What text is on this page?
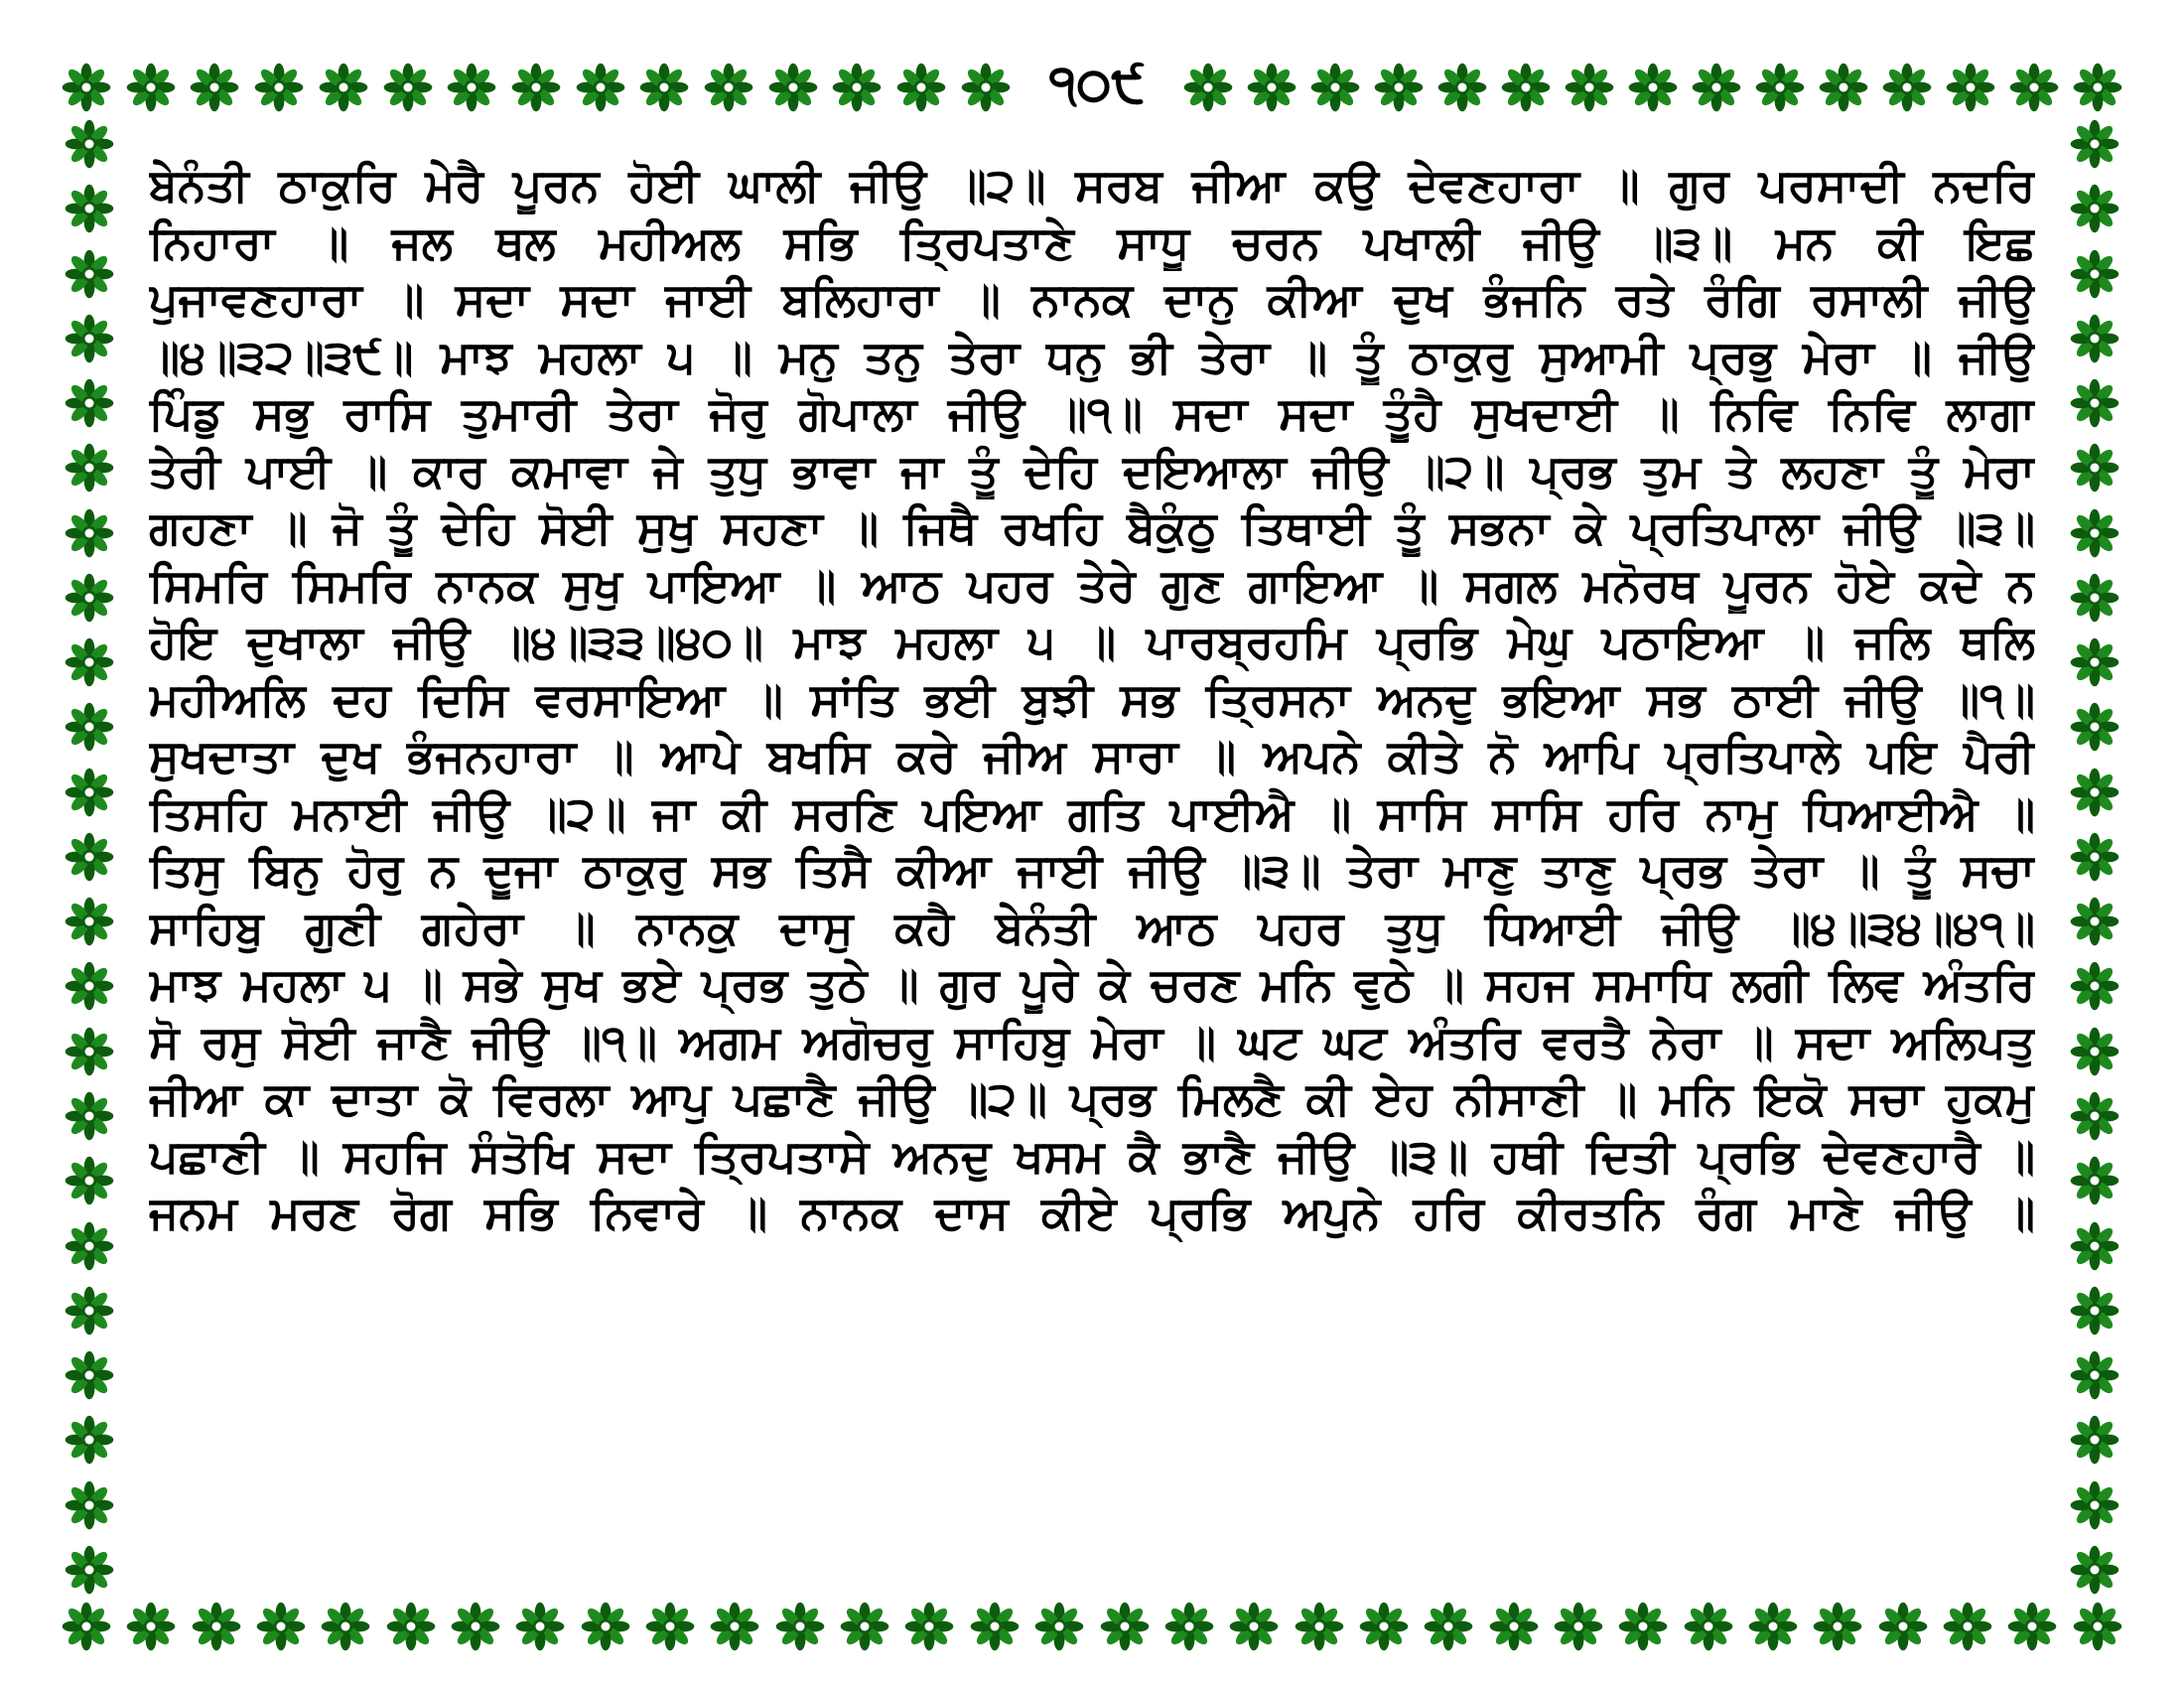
੧੦੯
ਬੇਨੰਤੀ ਠਾਕੁਰਿ ਮੇਰੈ ਪੂਰਨ ਹੋਈ ਘਾਲੀ ਜੀਉ ॥੨॥ ਸਰਬ ਜੀਆ ਕਉ ਦੇਵਣਹਾਰਾ ॥ ਗੁਰ ਪਰਸਾਦੀ ਨਦਰਿ
ਨਿਹਾਰਾ ॥ ਜਲ ਥਲ ਮਹੀਅਲ ਸਭਿ ਤ੍ਰਿਪਤਾਣੇ ਸਾਧੂ ਚਰਨ ਪਖਾਲੀ ਜੀਉ ॥੩॥ ਮਨ ਕੀ ਇਛ
ਪੁਜਾਵਣਹਾਰਾ ॥ ਸਦਾ ਸਦਾ ਜਾਈ ਬਲਿਹਾਰਾ ॥ ਨਾਨਕ ਦਾਨੁ ਕੀਆ ਦੁਖ ਭੰਜਨਿ ਰਤੇ ਰੰਗਿ ਰਸਾਲੀ ਜੀਉ
॥੪॥੩੨॥੩੯॥ ਮਾਝ ਮਹਲਾ ੫ ॥ ਮਨੁ ਤਨੁ ਤੇਰਾ ਧਨੁ ਭੀ ਤੇਰਾ ॥ ਤੂੰ ਠਾਕੁਰੁ ਸੁਆਮੀ ਪ੍ਰਭੁ ਮੇਰਾ ॥ ਜੀਉ
ਪਿੰਡੁ ਸਭੁ ਰਾਸਿ ਤੁਮਾਰੀ ਤੇਰਾ ਜੋਰੁ ਗੋਪਾਲਾ ਜੀਉ ॥੧॥ ਸਦਾ ਸਦਾ ਤੂੰਹੈ ਸੁਖਦਾਈ ॥ ਨਿਵਿ ਨਿਵਿ ਲਾਗਾ
ਤੇਰੀ ਪਾਈ ॥ ਕਾਰ ਕਮਾਵਾ ਜੇ ਤੁਧੁ ਭਾਵਾ ਜਾ ਤੂੰ ਦੇਹਿ ਦਇਆਲਾ ਜੀਉ ॥੨॥ ਪ੍ਰਭ ਤੁਮ ਤੇ ਲਹਣਾ ਤੂੰ ਮੇਰਾ
ਗਹਣਾ ॥ ਜੋ ਤੂੰ ਦੇਹਿ ਸੋਈ ਸੁਖੁ ਸਹਣਾ ॥ ਜਿਥੈ ਰਖਹਿ ਬੈਕੁੰਠੁ ਤਿਥਾਈ ਤੂੰ ਸਭਨਾ ਕੇ ਪ੍ਰਤਿਪਾਲਾ ਜੀਉ ॥੩॥
ਸਿਮਰਿ ਸਿਮਰਿ ਨਾਨਕ ਸੁਖੁ ਪਾਇਆ ॥ ਆਠ ਪਹਰ ਤੇਰੇ ਗੁਣ ਗਾਇਆ ॥ ਸਗਲ ਮਨੋਰਥ ਪੂਰਨ ਹੋਏ ਕਦੇ ਨ
ਹੋਇ ਦੁਖਾਲਾ ਜੀਉ ॥੪॥੩੩॥੪੦॥ ਮਾਝ ਮਹਲਾ ੫ ॥ ਪਾਰਬ੍ਰਹਮਿ ਪ੍ਰਭਿ ਮੇਘੁ ਪਠਾਇਆ ॥ ਜਲਿ ਥਲਿ
ਮਹੀਅਲਿ ਦਹ ਦਿਸਿ ਵਰਸਾਇਆ ॥ ਸਾਂਤਿ ਭਈ ਬੁਝੀ ਸਭ ਤ੍ਰਿਸਨਾ ਅਨਦੁ ਭਇਆ ਸਭ ਠਾਈ ਜੀਉ ॥੧॥
ਸੁਖਦਾਤਾ ਦੁਖ ਭੰਜਨਹਾਰਾ ॥ ਆਪੇ ਬਖਸਿ ਕਰੇ ਜੀਅ ਸਾਰਾ ॥ ਅਪਨੇ ਕੀਤੇ ਨੋ ਆਪਿ ਪ੍ਰਤਿਪਾਲੇ ਪਇ ਪੈਰੀ
ਤਿਸਹਿ ਮਨਾਈ ਜੀਉ ॥੨॥ ਜਾ ਕੀ ਸਰਣਿ ਪਇਆ ਗਤਿ ਪਾਈਐ ॥ ਸਾਸਿ ਸਾਸਿ ਹਰਿ ਨਾਮੁ ਧਿਆਈਐ ॥
ਤਿਸੁ ਬਿਨੁ ਹੋਰੁ ਨ ਦੂਜਾ ਠਾਕੁਰੁ ਸਭ ਤਿਸੈ ਕੀਆ ਜਾਈ ਜੀਉ ॥੩॥ ਤੇਰਾ ਮਾਣੁ ਤਾਣੁ ਪ੍ਰਭ ਤੇਰਾ ॥ ਤੂੰ ਸਚਾ
ਸਾਹਿਬੁ ਗੁਣੀ ਗਹੇਰਾ ॥ ਨਾਨਕੁ ਦਾਸੁ ਕਹੈ ਬੇਨੰਤੀ ਆਠ ਪਹਰ ਤੁਧੁ ਧਿਆਈ ਜੀਉ ॥੪॥੩੪॥੪੧॥
ਮਾਝ ਮਹਲਾ ੫ ॥ ਸਭੇ ਸੁਖ ਭਏ ਪ੍ਰਭ ਤੁਠੇ ॥ ਗੁਰ ਪੂਰੇ ਕੇ ਚਰਣ ਮਨਿ ਵੁਠੇ ॥ ਸਹਜ ਸਮਾਧਿ ਲਗੀ ਲਿਵ ਅੰਤਰਿ
ਸੋ ਰਸੁ ਸੋਈ ਜਾਣੈ ਜੀਉ ॥੧॥ ਅਗਮ ਅਗੋਚਰੁ ਸਾਹਿਬੁ ਮੇਰਾ ॥ ਘਟ ਘਟ ਅੰਤਰਿ ਵਰਤੈ ਨੇਰਾ ॥ ਸਦਾ ਅਲਿਪਤੁ
ਜੀਆ ਕਾ ਦਾਤਾ ਕੋ ਵਿਰਲਾ ਆਪੁ ਪਛਾਣੈ ਜੀਉ ॥੨॥ ਪ੍ਰਭ ਮਿਲਣੈ ਕੀ ਏਹ ਨੀਸਾਣੀ ॥ ਮਨਿ ਇਕੋ ਸਚਾ ਹੁਕਮੁ
ਪਛਾਣੀ ॥ ਸਹਜਿ ਸੰਤੋਖਿ ਸਦਾ ਤ੍ਰਿਪਤਾਸੇ ਅਨਦੁ ਖਸਮ ਕੈ ਭਾਣੈ ਜੀਉ ॥੩॥ ਹਥੀ ਦਿਤੀ ਪ੍ਰਭਿ ਦੇਵਣਹਾਰੈ ॥
ਜਨਮ ਮਰਣ ਰੋਗ ਸਭਿ ਨਿਵਾਰੇ ॥ ਨਾਨਕ ਦਾਸ ਕੀਏ ਪ੍ਰਭਿ ਅਪੁਨੇ ਹਰਿ ਕੀਰਤਨਿ ਰੰਗ ਮਾਣੇ ਜੀਉ ॥
